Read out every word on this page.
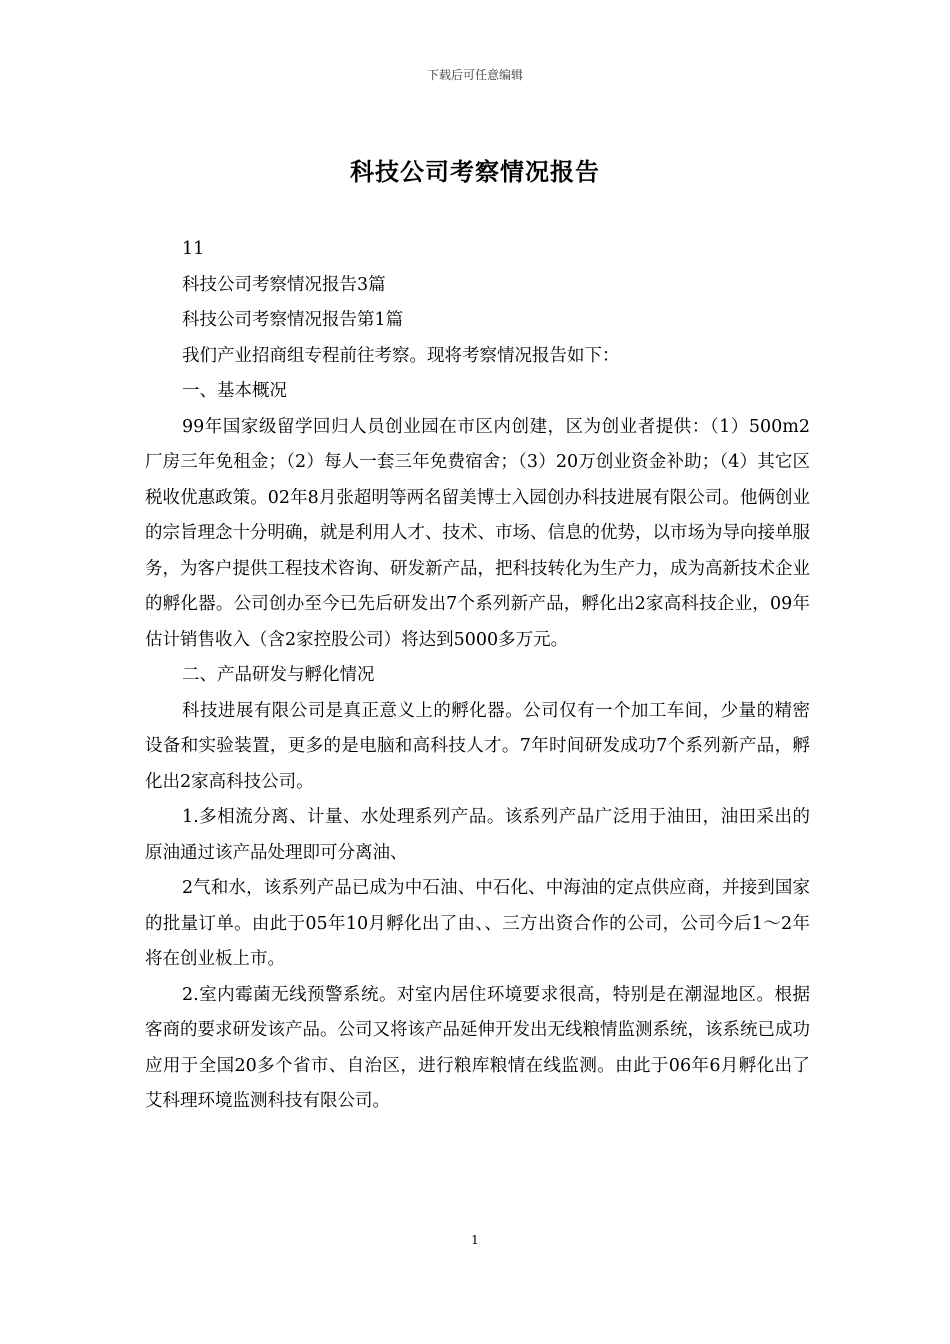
下载后可任意编辑
科技公司考察情况报告

11

科技公司考察情况报告3篇

科技公司考察情况报告第1篇

我们产业招商组专程前往考察。现将考察情况报告如下：

一、基本概况

99年国家级留学回归人员创业园在市区内创建，区为创业者提供：（1）500m2厂房三年免租金；（2）每人一套三年免费宿舍；（3）20万创业资金补助；（4）其它区税收优惠政策。02年8月张超明等两名留美博士入园创办科技进展有限公司。他俩创业的宗旨理念十分明确，就是利用人才、技术、市场、信息的优势，以市场为导向接单服务，为客户提供工程技术咨询、研发新产品，把科技转化为生产力，成为高新技术企业的孵化器。公司创办至今已先后研发出7个系列新产品，孵化出2家高科技企业，09年估计销售收入（含2家控股公司）将达到5000多万元。

二、产品研发与孵化情况

科技进展有限公司是真正意义上的孵化器。公司仅有一个加工车间，少量的精密设备和实验装置，更多的是电脑和高科技人才。7年时间研发成功7个系列新产品，孵化出2家高科技公司。

1.多相流分离、计量、水处理系列产品。该系列产品广泛用于油田，油田采出的原油通过该产品处理即可分离油、

2气和水，该系列产品已成为中石油、中石化、中海油的定点供应商，并接到国家的批量订单。由此于05年10月孵化出了由、、三方出资合作的公司，公司今后1～2年将在创业板上市。

2.室内霉菌无线预警系统。对室内居住环境要求很高，特别是在潮湿地区。根据客商的要求研发该产品。公司又将该产品延伸开发出无线粮情监测系统，该系统已成功应用于全国20多个省市、自治区，进行粮库粮情在线监测。由此于06年6月孵化出了艾科理环境监测科技有限公司。

1
